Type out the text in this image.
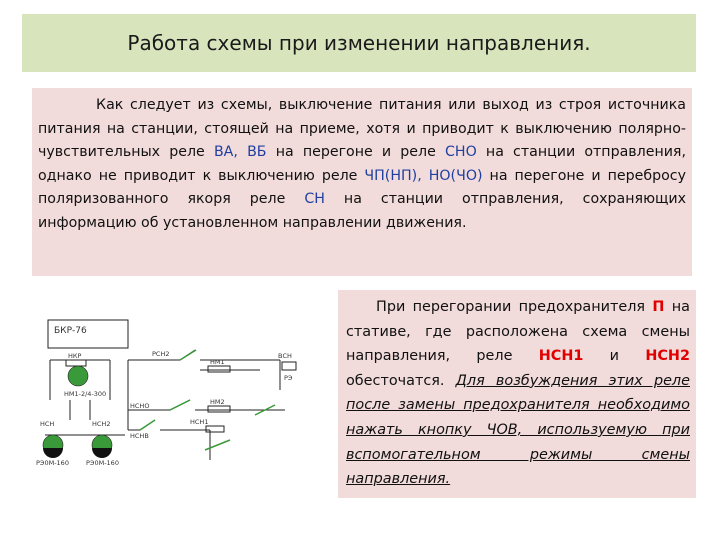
Работа схемы при изменении направления.
Как следует из схемы, выключение питания или выход из строя источника питания на станции, стоящей на приеме, хотя и приводит к выключению полярно-чувствительных реле ВА, ВБ на перегоне и реле СНО на станции отправления, однако не приводит к выключению реле ЧП(НП), НО(ЧО) на перегоне и перебросу поляризованного якоря реле СН на станции отправления, сохраняющих информацию об установленном направлении движения.
При перегорании предохранителя П на стативе, где расположена схема смены направления, реле НСН1 и НСН2 обесточатся. Для возбуждения этих реле после замены предохранителя необходимо нажать кнопку ЧОВ, используемую при вспомогательном режимы смены направления.
БКР-76
НКР
НСНО
НСН	НСН1
НСН2
НСНВ
РСН2	ВСН
НМ1
НМ2
РЭ
НМ1-2/4-300
РЭ0М-160	РЭ0М-160
